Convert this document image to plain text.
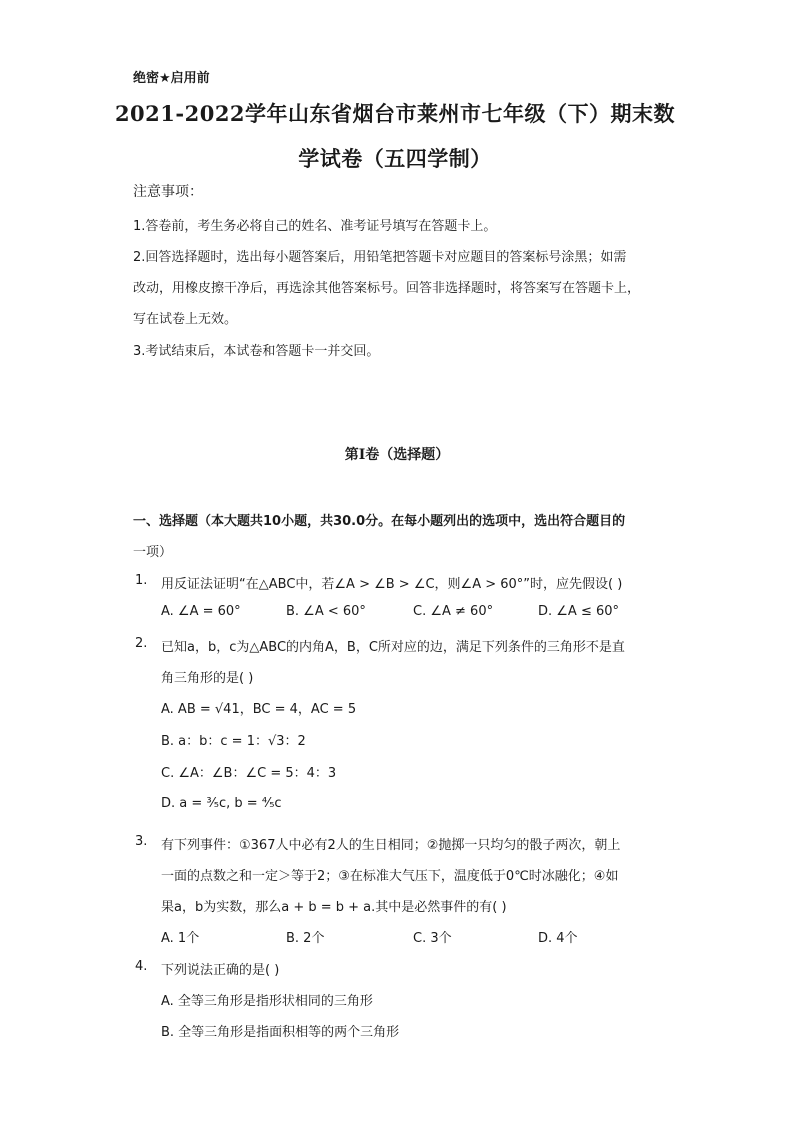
绝密★启用前
2021-2022学年山东省烟台市莱州市七年级（下）期末数
学试卷（五四学制）
注意事项：
1.答卷前，考生务必将自己的姓名、准考证号填写在答题卡上。
2.回答选择题时，选出每小题答案后，用铅笔把答题卡对应题目的答案标号涂黑；如需
改动，用橡皮擦干净后，再选涂其他答案标号。回答非选择题时，将答案写在答题卡上，
写在试卷上无效。
3.考试结束后，本试卷和答题卡一并交回。
第I卷（选择题）
一、选择题（本大题共10小题，共30.0分。在每小题列出的选项中，选出符合题目的
一项）
1. 用反证法证明“在△ABC中，若∠A > ∠B > ∠C，则∠A > 60°”时，应先假设( )
A. ∠A = 60°	B. ∠A < 60°	C. ∠A ≠ 60°	D. ∠A ≤ 60°
2. 已知a，b，c为△ABC的内角A，B，C所对应的边，满足下列条件的三角形不是直
角三角形的是( )
A. AB = √41，BC = 4，AC = 5
B. a：b：c = 1：√3：2
C. ∠A：∠B：∠C = 5：4：3
D. a = ³⁄₅c, b = ⁴⁄₅c
3. 有下列事件：①367人中必有2人的生日相同；②抛掷一只均匀的骰子两次，朝上
一面的点数之和一定＞等于2；③在标准大气压下，温度低于0℃时冰融化；④如
果a，b为实数，那么a + b = b + a.其中是必然事件的有( )
A. 1个	B. 2个	C. 3个	D. 4个
4. 下列说法正确的是( )
A. 全等三角形是指形状相同的三角形
B. 全等三角形是指面积相等的两个三角形
